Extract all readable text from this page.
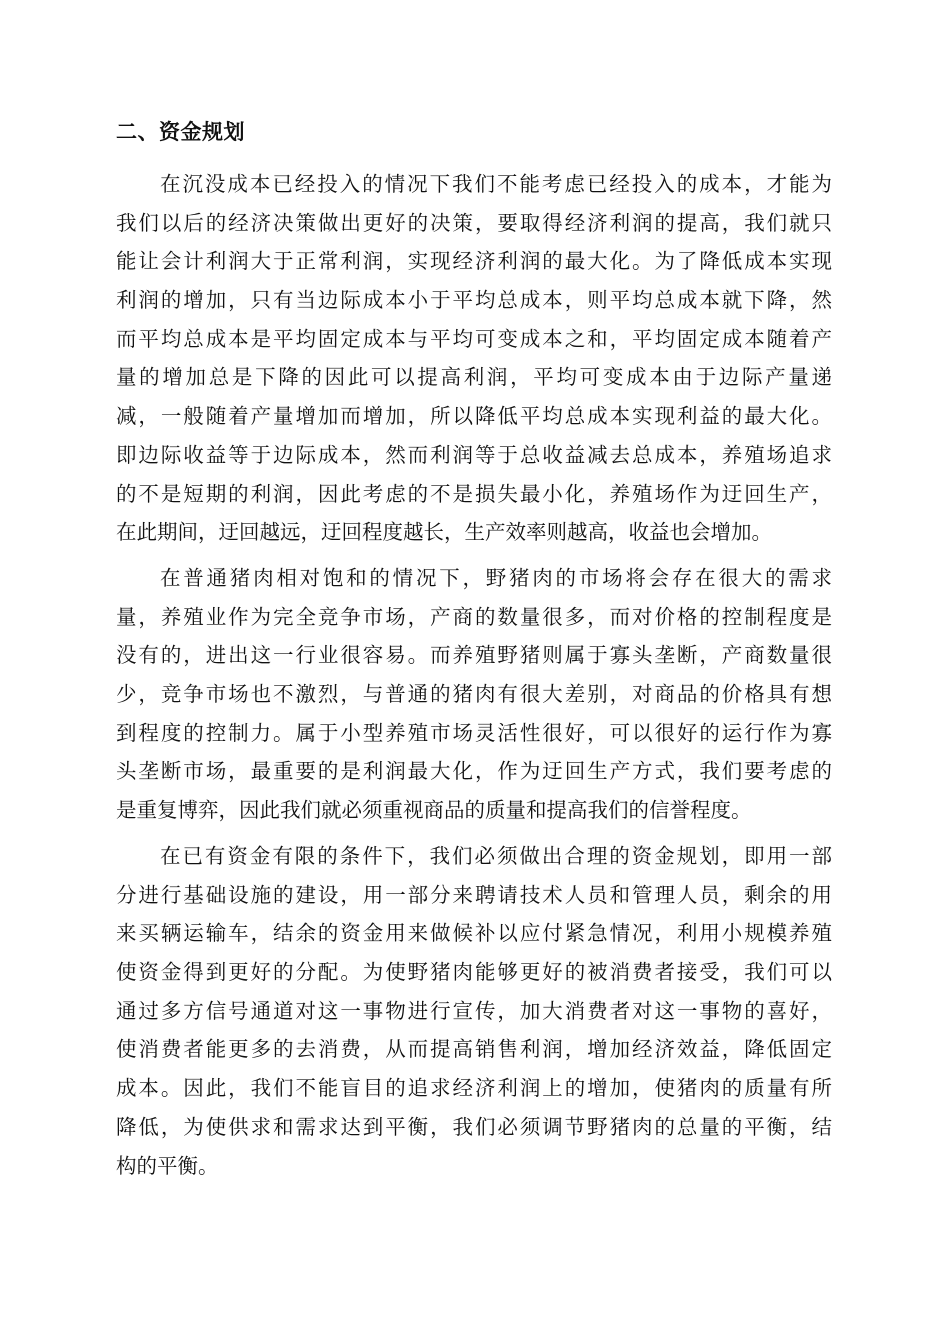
二、资金规划
在沉没成本已经投入的情况下我们不能考虑已经投入的成本，才能为
我们以后的经济决策做出更好的决策，要取得经济利润的提高，我们就只
能让会计利润大于正常利润，实现经济利润的最大化。为了降低成本实现
利润的增加，只有当边际成本小于平均总成本，则平均总成本就下降，然
而平均总成本是平均固定成本与平均可变成本之和，平均固定成本随着产
量的增加总是下降的因此可以提高利润，平均可变成本由于边际产量递
减，一般随着产量增加而增加，所以降低平均总成本实现利益的最大化。
即边际收益等于边际成本，然而利润等于总收益减去总成本，养殖场追求
的不是短期的利润，因此考虑的不是损失最小化，养殖场作为迂回生产，
在此期间，迂回越远，迂回程度越长，生产效率则越高，收益也会增加。
在普通猪肉相对饱和的情况下，野猪肉的市场将会存在很大的需求
量，养殖业作为完全竞争市场，产商的数量很多，而对价格的控制程度是
没有的，进出这一行业很容易。而养殖野猪则属于寡头垄断，产商数量很
少，竞争市场也不激烈，与普通的猪肉有很大差别，对商品的价格具有想
到程度的控制力。属于小型养殖市场灵活性很好，可以很好的运行作为寡
头垄断市场，最重要的是利润最大化，作为迂回生产方式，我们要考虑的
是重复博弈，因此我们就必须重视商品的质量和提高我们的信誉程度。
在已有资金有限的条件下，我们必须做出合理的资金规划，即用一部
分进行基础设施的建设，用一部分来聘请技术人员和管理人员，剩余的用
来买辆运输车，结余的资金用来做候补以应付紧急情况，利用小规模养殖
使资金得到更好的分配。为使野猪肉能够更好的被消费者接受，我们可以
通过多方信号通道对这一事物进行宣传，加大消费者对这一事物的喜好，
使消费者能更多的去消费，从而提高销售利润，增加经济效益，降低固定
成本。因此，我们不能盲目的追求经济利润上的增加，使猪肉的质量有所
降低，为使供求和需求达到平衡，我们必须调节野猪肉的总量的平衡，结
构的平衡。
